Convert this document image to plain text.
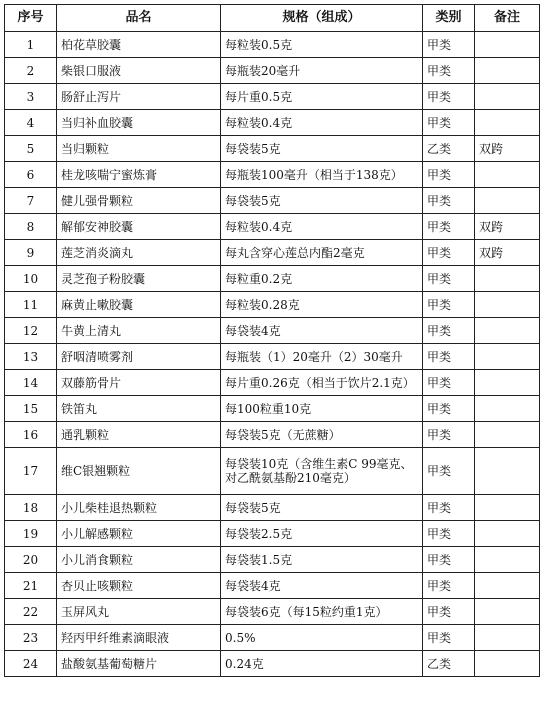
序号	品名	规格（组成）	类别	备注
1	柏花草胶囊	每粒装0.5克	甲类	
2	柴银口服液	每瓶装20毫升	甲类	
3	肠舒止泻片	每片重0.5克	甲类	
4	当归补血胶囊	每粒装0.4克	甲类	
5	当归颗粒	每袋装5克	乙类	双跨
6	桂龙咳喘宁蜜炼膏	每瓶装100毫升（相当于138克）	甲类	
7	健儿强骨颗粒	每袋装5克	甲类	
8	解郁安神胶囊	每粒装0.4克	甲类	双跨
9	莲芝消炎滴丸	每丸含穿心莲总内酯2毫克	甲类	双跨
10	灵芝孢子粉胶囊	每粒重0.2克	甲类	
11	麻黄止嗽胶囊	每粒装0.28克	甲类	
12	牛黄上清丸	每袋装4克	甲类	
13	舒咽清喷雾剂	每瓶装（1）20毫升（2）30毫升	甲类	
14	双藤筋骨片	每片重0.26克（相当于饮片2.1克）	甲类	
15	铁笛丸	每100粒重10克	甲类	
16	通乳颗粒	每袋装5克（无蔗糖）	甲类	
17	维C银翘颗粒	每袋装10克（含维生素C 99毫克、对乙酰氨基酚210毫克）	甲类	
18	小儿柴桂退热颗粒	每袋装5克	甲类	
19	小儿解感颗粒	每袋装2.5克	甲类	
20	小儿消食颗粒	每袋装1.5克	甲类	
21	杏贝止咳颗粒	每袋装4克	甲类	
22	玉屏风丸	每袋装6克（每15粒约重1克）	甲类	
23	羟丙甲纤维素滴眼液	0.5%	甲类	
24	盐酸氨基葡萄糖片	0.24克	乙类	
